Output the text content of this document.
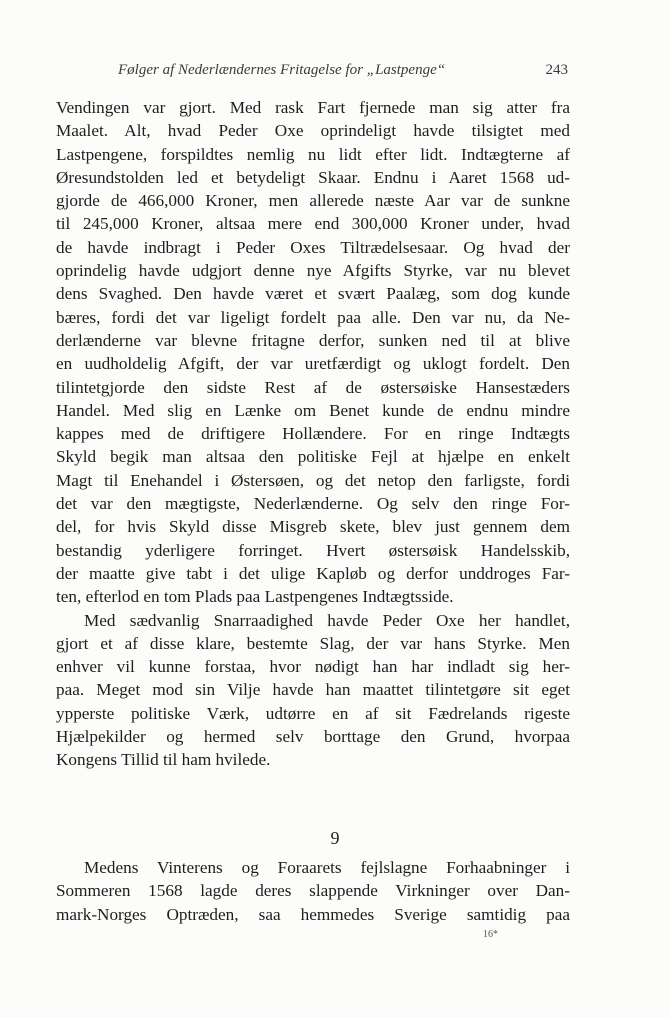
Følger af Nederlændernes Fritagelse for „Lastpenge“	243
Vendingen var gjort. Med rask Fart fjernede man sig atter fra
Maalet. Alt, hvad Peder Oxe oprindeligt havde tilsigtet med
Lastpengene, forspildtes nemlig nu lidt efter lidt. Indtægterne af
Øresundstolden led et betydeligt Skaar. Endnu i Aaret 1568 ud-
gjorde de 466,000 Kroner, men allerede næste Aar var de sunkne
til 245,000 Kroner, altsaa mere end 300,000 Kroner under, hvad
de havde indbragt i Peder Oxes Tiltrædelsesaar. Og hvad der
oprindelig havde udgjort denne nye Afgifts Styrke, var nu blevet
dens Svaghed. Den havde været et svært Paalæg, som dog kunde
bæres, fordi det var ligeligt fordelt paa alle. Den var nu, da Ne-
derlænderne var blevne fritagne derfor, sunken ned til at blive
en uudholdelig Afgift, der var uretfærdigt og uklogt fordelt. Den
tilintetgjorde den sidste Rest af de østersøiske Hansestæders
Handel. Med slig en Lænke om Benet kunde de endnu mindre
kappes med de driftigere Hollændere. For en ringe Indtægts
Skyld begik man altsaa den politiske Fejl at hjælpe en enkelt
Magt til Enehandel i Østersøen, og det netop den farligste, fordi
det var den mægtigste, Nederlænderne. Og selv den ringe For-
del, for hvis Skyld disse Misgreb skete, blev just gennem dem
bestandig yderligere forringet. Hvert østersøisk Handelsskib,
der maatte give tabt i det ulige Kapløb og derfor unddroges Far-
ten, efterlod en tom Plads paa Lastpengenes Indtægtsside.
Med sædvanlig Snarraadighed havde Peder Oxe her handlet,
gjort et af disse klare, bestemte Slag, der var hans Styrke. Men
enhver vil kunne forstaa, hvor nødigt han har indladt sig her-
paa. Meget mod sin Vilje havde han maattet tilintetgøre sit eget
ypperste politiske Værk, udtørre en af sit Fædrelands rigeste
Hjælpekilder og hermed selv borttage den Grund, hvorpaa
Kongens Tillid til ham hvilede.
9
Medens Vinterens og Foraarets fejlslagne Forhaabninger i
Sommeren 1568 lagde deres slappende Virkninger over Dan-
mark-Norges Optræden, saa hemmedes Sverige samtidig paa
16*
